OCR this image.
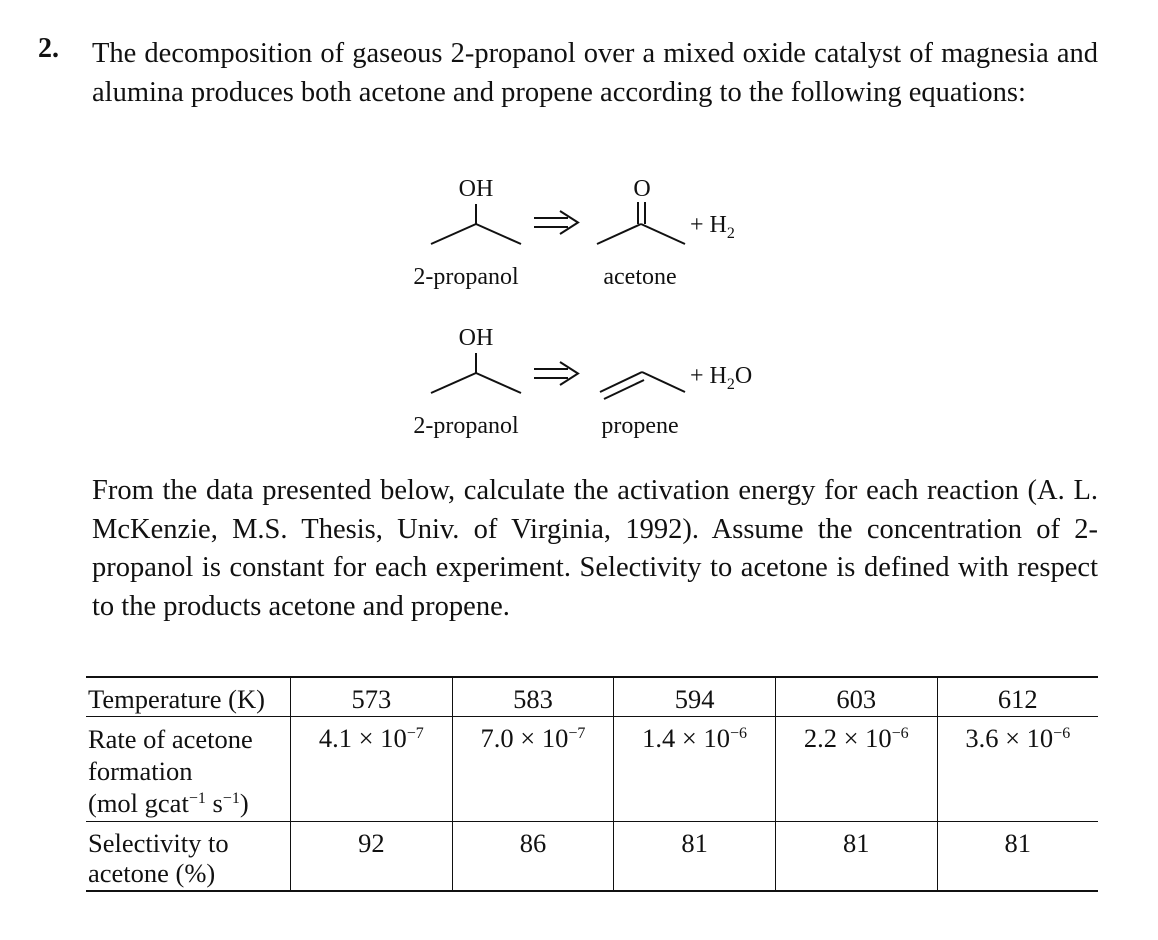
2. The decomposition of gaseous 2-propanol over a mixed oxide catalyst of magnesia and alumina produces both acetone and propene according to the following equations:
OH	O
+ $H_2$
2-propanol	acetone
OH
+ $H_2O$
2-propanol	propene
From the data presented below, calculate the activation energy for each reaction (A. L. McKenzie, M.S. Thesis, Univ. of Virginia, 1992). Assume the concentration of 2-propanol is constant for each experiment. Selectivity to acetone is defined with respect to the products acetone and propene.
Temperature (K)	573	583	594	603	612
Rate of acetone
formation
(mol gcat$^{-1}$ $s^{-1}$)	$4.1 \times 10^{-7}$	$7.0 \times 10^{-7}$	$1.4 \times 10^{-6}$	$2.2 \times 10^{-6}$	$3.6 \times 10^{-6}$
Selectivity to
acetone (%)	92	86	81	81	81
